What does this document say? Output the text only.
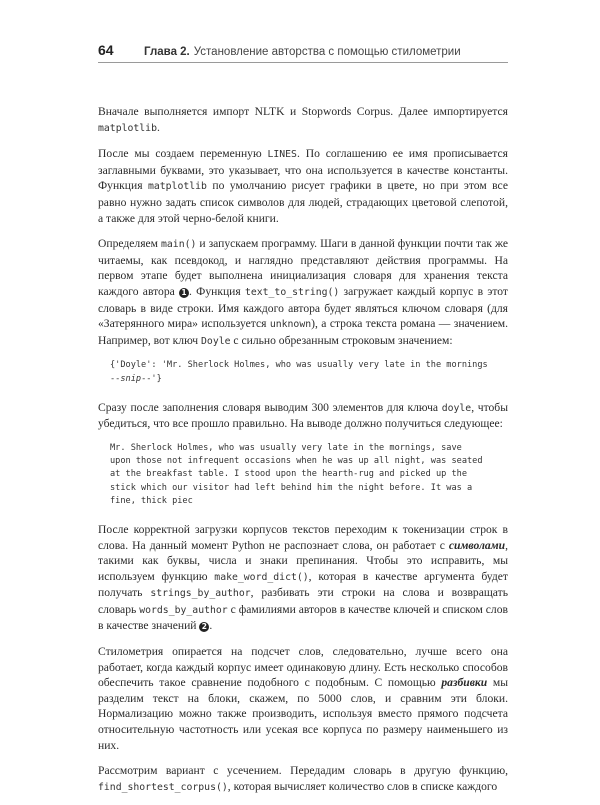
64	Глава 2. Установление авторства с помощью стилометрии

Вначале выполняется импорт NLTK и Stopwords Corpus. Далее импортируется matplotlib.

После мы создаем переменную LINES. По соглашению ее имя прописывается заглавными буквами, это указывает, что она используется в качестве константы. Функция matplotlib по умолчанию рисует графики в цвете, но при этом все равно нужно задать список символов для людей, страдающих цветовой слепотой, а также для этой черно-белой книги.

Определяем main() и запускаем программу. Шаги в данной функции почти так же читаемы, как псевдокод, и наглядно представляют действия программы. На первом этапе будет выполнена инициализация словаря для хранения текста каждого автора 1 . Функция text_to_string() загружает каждый корпус в этот словарь в виде строки. Имя каждого автора будет являться ключом словаря (для «Затерянного мира» используется unknown), а строка текста романа — значением. Например, вот ключ Doyle с сильно обрезанным строковым значением:

{'Doyle': 'Mr. Sherlock Holmes, who was usually very late in the mornings
--snip--'}

Сразу после заполнения словаря выводим 300 элементов для ключа doyle, чтобы убедиться, что все прошло правильно. На выводе должно получиться следующее:

Mr. Sherlock Holmes, who was usually very late in the mornings, save
upon those not infrequent occasions when he was up all night, was seated
at the breakfast table. I stood upon the hearth-rug and picked up the
stick which our visitor had left behind him the night before. It was a
fine, thick piec

После корректной загрузки корпусов текстов переходим к токенизации строк в слова. На данный момент Python не распознает слова, он работает с символами, такими как буквы, числа и знаки препинания. Чтобы это исправить, мы используем функцию make_word_dict(), которая в качестве аргумента будет получать strings_by_author, разбивать эти строки на слова и возвращать словарь words_by_author с фамилиями авторов в качестве ключей и списком слов в качестве значений 2 .

Стилометрия опирается на подсчет слов, следовательно, лучше всего она работает, когда каждый корпус имеет одинаковую длину. Есть несколько способов обеспечить такое сравнение подобного с подобным. С помощью разбивки мы разделим текст на блоки, скажем, по 5000 слов, и сравним эти блоки. Нормализацию можно также производить, используя вместо прямого подсчета относительную частотность или усекая все корпуса по размеру наименьшего из них.

Рассмотрим вариант с усечением. Передадим словарь в другую функцию, find_shortest_corpus(), которая вычисляет количество слов в списке каждого
